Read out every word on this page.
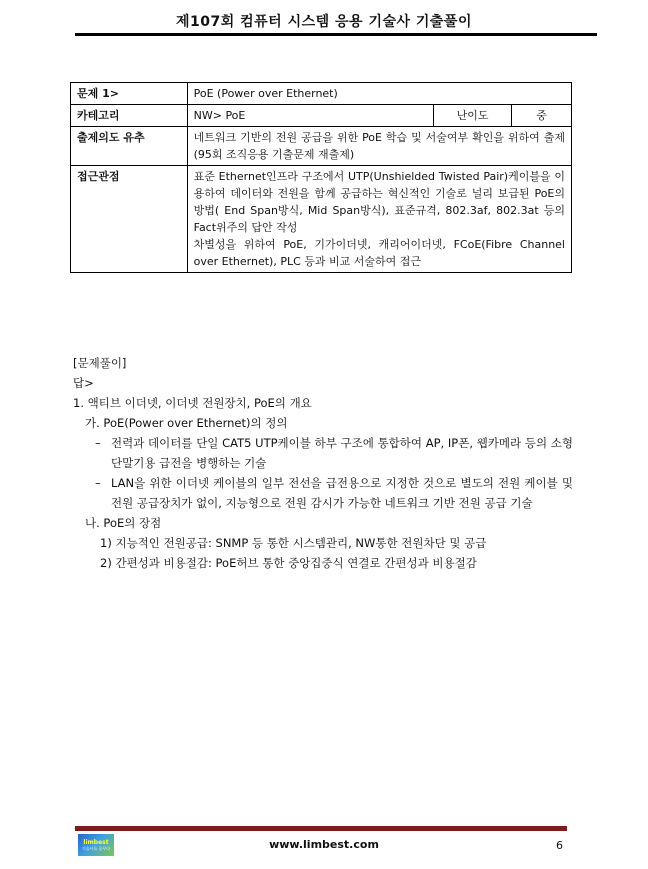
제107회 컴퓨터 시스템 응용 기술사 기출풀이
문제 1>	PoE (Power over Ethernet)		
카테고리	NW> PoE	난이도	중
출제의도 유추	네트워크 기반의 전원 공급을 위한 PoE 학습 및 서술여부 확인을 위하여 출제(95회 조직응용 기출문제 재출제)		
접근관점	표준 Ethernet인프라 구조에서 UTP(Unshielded Twisted Pair)케이블을 이용하여 데이터와 전원을 함께 공급하는 혁신적인 기술로 널리 보급된 PoE의 방법( End Span방식, Mid Span방식), 표준규격, 802.3af, 802.3at 등의 Fact위주의 답안 작성
차별성을 위하여 PoE, 기가이더넷, 캐리어이더넷, FCoE(Fibre Channel over Ethernet), PLC 등과 비교 서술하여 접근		

[문제풀이]

답>

1. 액티브 이더넷, 이더넷 전원장치, PoE의 개요

가. PoE(Power over Ethernet)의 정의

– 전력과 데이터를 단일 CAT5 UTP케이블 하부 구조에 통합하여 AP, IP폰, 웹카메라 등의 소형 단말기용 급전을 병행하는 기술
– LAN을 위한 이더넷 케이블의 일부 전선을 급전용으로 지정한 것으로 별도의 전원 케이블 및 전원 공급장치가 없이, 지능형으로 전원 감시가 가능한 네트워크 기반 전원 공급 기술

나. PoE의 장점

1) 지능적인 전원공급: SNMP 등 통한 시스템관리, NW통한 전원차단 및 공급

2) 간편성과 비용절감: PoE허브 통한 중앙집중식 연결로 간편성과 비용절감

limbest
기술사를 꿈꾸다	www.limbest.com	6
